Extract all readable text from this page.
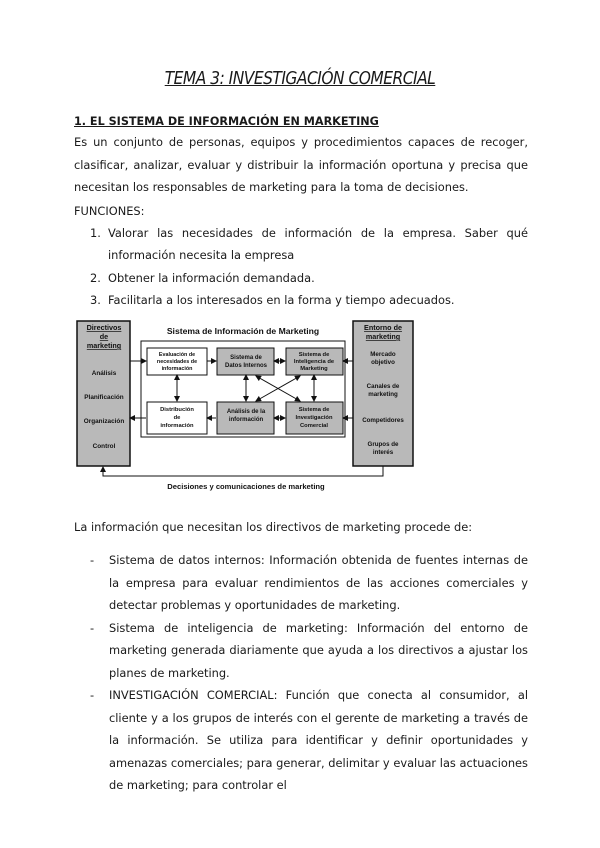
TEMA 3: INVESTIGACIÓN COMERCIAL
1. EL SISTEMA DE INFORMACIÓN EN MARKETING
Es un conjunto de personas, equipos y procedimientos capaces de recoger, clasificar, analizar, evaluar y distribuir la información oportuna y precisa que necesitan los responsables de marketing para la toma de decisiones.
FUNCIONES:
1. Valorar las necesidades de información de la empresa. Saber qué información necesita la empresa
2. Obtener la información demandada.
3. Facilitarla a los interesados en la forma y tiempo adecuados.
Sistema de Información de Marketing
Directivos
de
marketing
Análisis
Planificación
Organización
Control
Entorno de
marketing
Mercado
objetivo
Canales de
marketing
Competidores
Grupos de
interés
Evaluación de
necesidades de
información
Sistema de
Datos Internos
Sistema de
Inteligencia de
Marketing
Distribución
de
información
Análisis de la
información
Sistema de
Investigación
Comercial
Decisiones y comunicaciones de marketing
La información que necesitan los directivos de marketing procede de:
- Sistema de datos internos: Información obtenida de fuentes internas de la empresa para evaluar rendimientos de las acciones comerciales y detectar problemas y oportunidades de marketing.
- Sistema de inteligencia de marketing: Información del entorno de marketing generada diariamente que ayuda a los directivos a ajustar los planes de marketing.
- INVESTIGACIÓN COMERCIAL: Función que conecta al consumidor, al cliente y a los grupos de interés con el gerente de marketing a través de la información. Se utiliza para identificar y definir oportunidades y amenazas comerciales; para generar, delimitar y evaluar las actuaciones de marketing; para controlar el
